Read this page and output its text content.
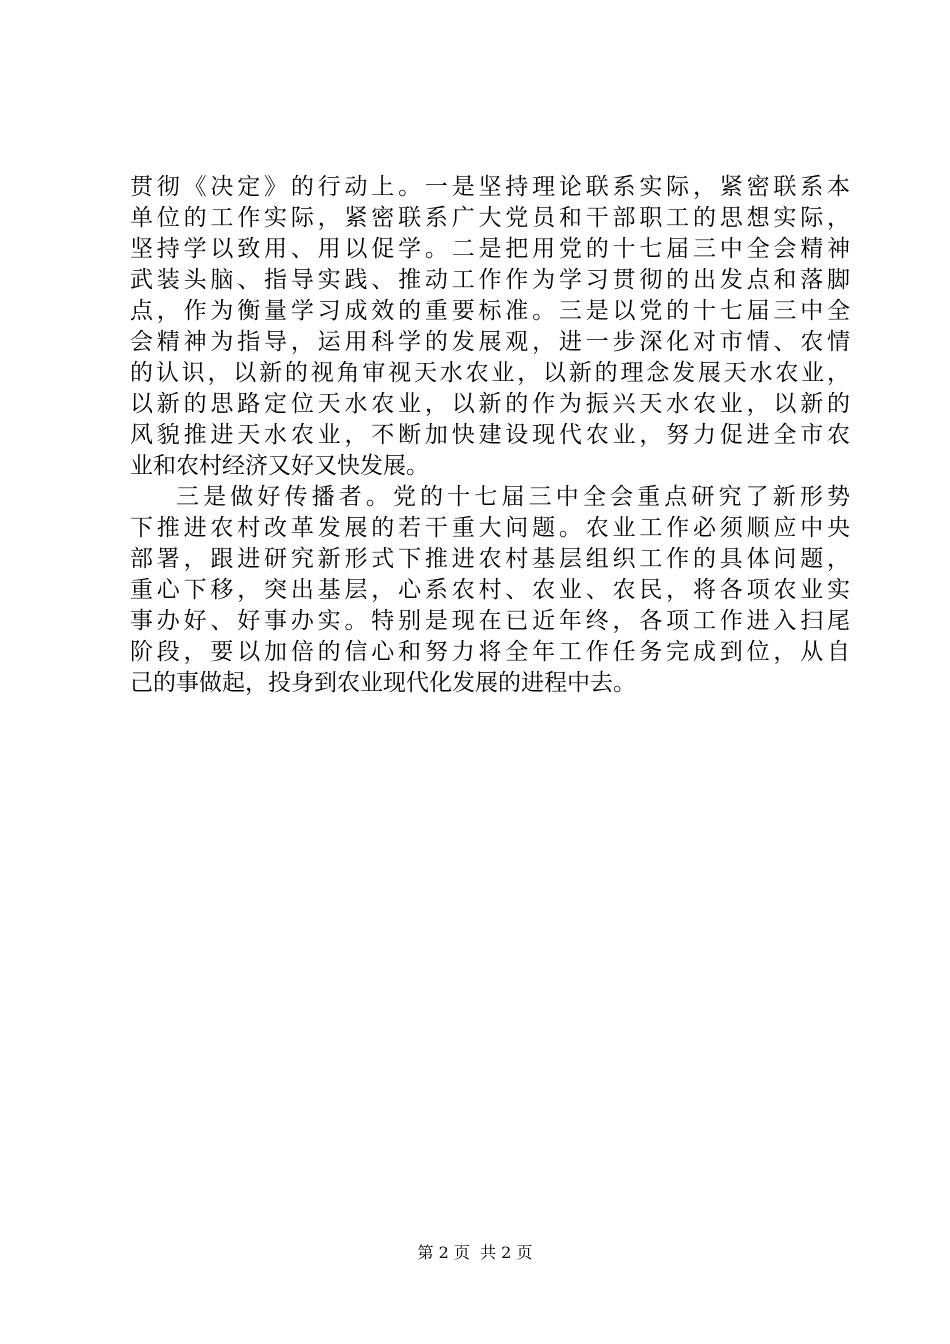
贯彻《决定》的行动上。一是坚持理论联系实际，紧密联系本
单位的工作实际，紧密联系广大党员和干部职工的思想实际，
坚持学以致用、用以促学。二是把用党的十七届三中全会精神
武装头脑、指导实践、推动工作作为学习贯彻的出发点和落脚
点，作为衡量学习成效的重要标准。三是以党的十七届三中全
会精神为指导，运用科学的发展观，进一步深化对市情、农情
的认识，以新的视角审视天水农业，以新的理念发展天水农业，
以新的思路定位天水农业，以新的作为振兴天水农业，以新的
风貌推进天水农业，不断加快建设现代农业，努力促进全市农
业和农村经济又好又快发展。
三是做好传播者。党的十七届三中全会重点研究了新形势
下推进农村改革发展的若干重大问题。农业工作必须顺应中央
部署，跟进研究新形式下推进农村基层组织工作的具体问题，
重心下移，突出基层，心系农村、农业、农民，将各项农业实
事办好、好事办实。特别是现在已近年终，各项工作进入扫尾
阶段，要以加倍的信心和努力将全年工作任务完成到位，从自
己的事做起，投身到农业现代化发展的进程中去。
第 2 页  共 2 页
